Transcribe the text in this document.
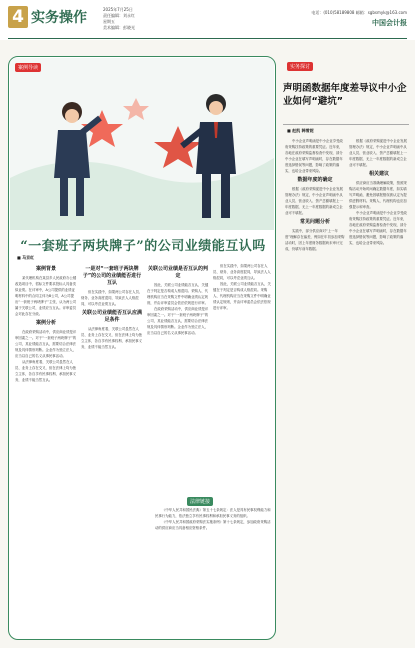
4 实务操作
2025年7月25日
责任编辑：刘永红
星期五
美术编辑：彭晓光
电话：(010)58189808 邮箱：sgbsmyk@163.com
中国会计报
案例导读
“一套班子两块牌子”的公司业绩能互认吗
■ 马京红
案例背景

某代理机构在某县乡人民政府办公楼改造项目中，招标文件要求投标人具备类似业绩。在评审中，A公司提供的业绩证明材料中的合同主体为B公司，A公司提出“一套班子两块牌子”主张，认为两公司属于关联公司，业绩应当互认。评审委员会对此存在分歧。

案例分析

在政府采购活动中，供应商业绩是评审因素之一。对于“一套班子两块牌子”的公司，其业绩能否互认，需要结合法律法规及具体情形判断。企业作为独立法人，应当以自己的名义从事民事活动。

从法律角度看，关联公司虽然在人员、业务上存在交叉，但在法律上均为独立主体，各自享有民事权利、承担民事义务，业绩不能当然互认。

一是对“一套班子两块牌子”的公司的业绩能否进行互认

但在实践中，如果两公司存在人员、财务、业务高度混同，导致法人人格混同，可以考虑业绩互认。

关联公司业绩能否互认应满足条件

从法律角度看，关联公司虽然在人员、业务上存在交叉，但在法律上均为独立主体，各自享有民事权利、承担民事义务，业绩不能当然互认。

关联公司业绩是否互认的判定

因此，关联公司业绩能否互认，关键在于判定是否构成人格混同。采购人、代理机构应当在采购文件中明确业绩认定规则，并由评审委员会依法依规进行评审。

在政府采购活动中，供应商业绩是评审因素之一。对于“一套班子两块牌子”的公司，其业绩能否互认，需要结合法律法规及具体情形判断。企业作为独立法人，应当以自己的名义从事民事活动。

但在实践中，如果两公司存在人员、财务、业务高度混同，导致法人人格混同，可以考虑业绩互认。

因此，关联公司业绩能否互认，关键在于判定是否构成人格混同。采购人、代理机构应当在采购文件中明确业绩认定规则，并由评审委员会依法依规进行评审。

法律链接

《中华人民共和国民法典》第五十七条规定：法人是具有民事权利能力和民事行为能力，依法独立享有民事权利和承担民事义务的组织。

《中华人民共和国政府采购法实施条例》第十七条规定，参加政府采购活动的供应商应当具备相应资格条件。

实务探讨
声明函数据年度差导议中小企业如何“避坑”
■ 赵凯 韩雪妮

中小企业声明函是中小企业享受政府采购扶持政策的重要凭证。近年来，各地在政府采购监督检查中发现，部分中小企业在填写声明函时，存在数据年度选择错误等问题，影响了政策的落实，也给企业带来风险。

数据年度的确定

根据《政府采购促进中小企业发展管理办法》规定，中小企业声明函中从业人员、营业收入、资产总额填报上一年度数据，无上一年度数据的新成立企业可不填报。

常见问题分析

实践中，部分供应商对“上一年度”理解存在偏差，例如在年初参加采购活动时，因上年度财务数据尚未审计完成，仍填写前年数据。

根据《政府采购促进中小企业发展管理办法》规定，中小企业声明函中从业人员、营业收入、资产总额填报上一年度数据，无上一年度数据的新成立企业可不填报。

相关建议

供应商应当准确理解政策，按照采购活动开始时间确定数据年度，如实填写声明函，避免因填报错误被认定为提供虚假材料。采购人、代理机构也应加强提示和审查。

中小企业声明函是中小企业享受政府采购扶持政策的重要凭证。近年来，各地在政府采购监督检查中发现，部分中小企业在填写声明函时，存在数据年度选择错误等问题，影响了政策的落实，也给企业带来风险。
